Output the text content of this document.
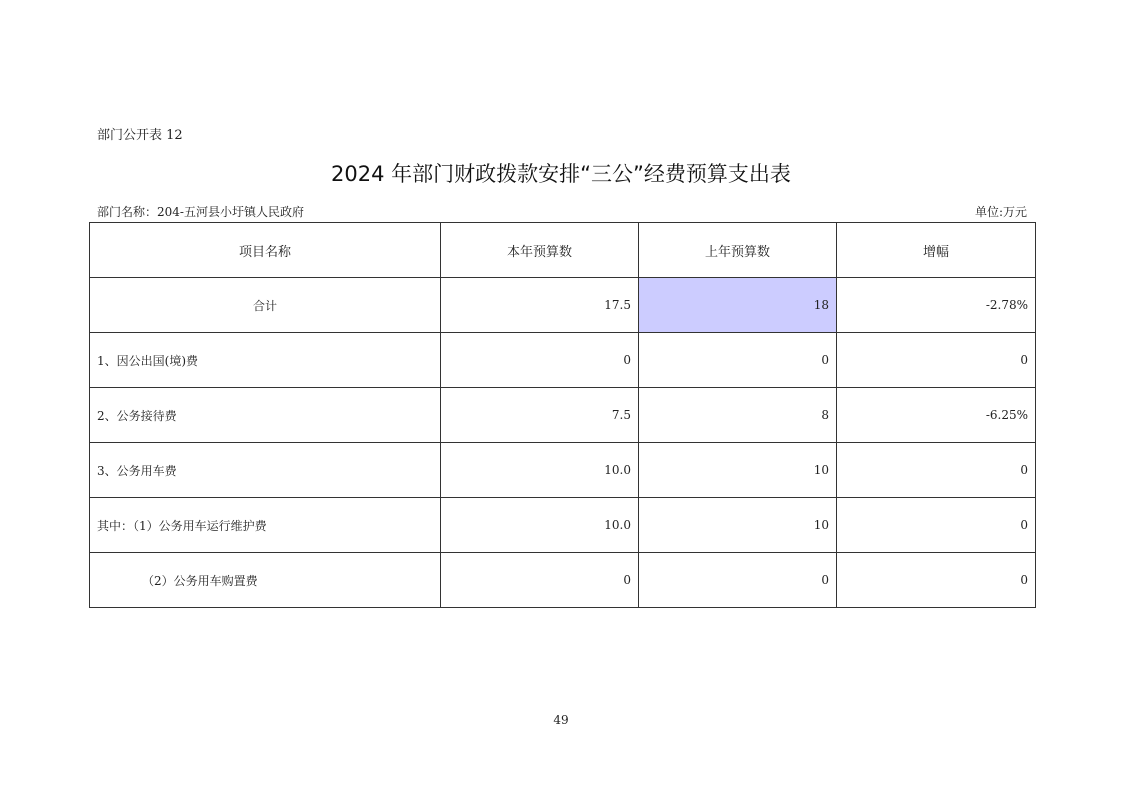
部门公开表 12
2024 年部门财政拨款安排“三公”经费预算支出表
部门名称：204-五河县小圩镇人民政府	单位:万元
项目名称	本年预算数	上年预算数	增幅
合计	17.5	18	-2.78%
1、因公出国(境)费	0	0	0
2、公务接待费	7.5	8	-6.25%
3、公务用车费	10.0	10	0
其中：（1）公务用车运行维护费	10.0	10	0
（2）公务用车购置费	0	0	0
49
